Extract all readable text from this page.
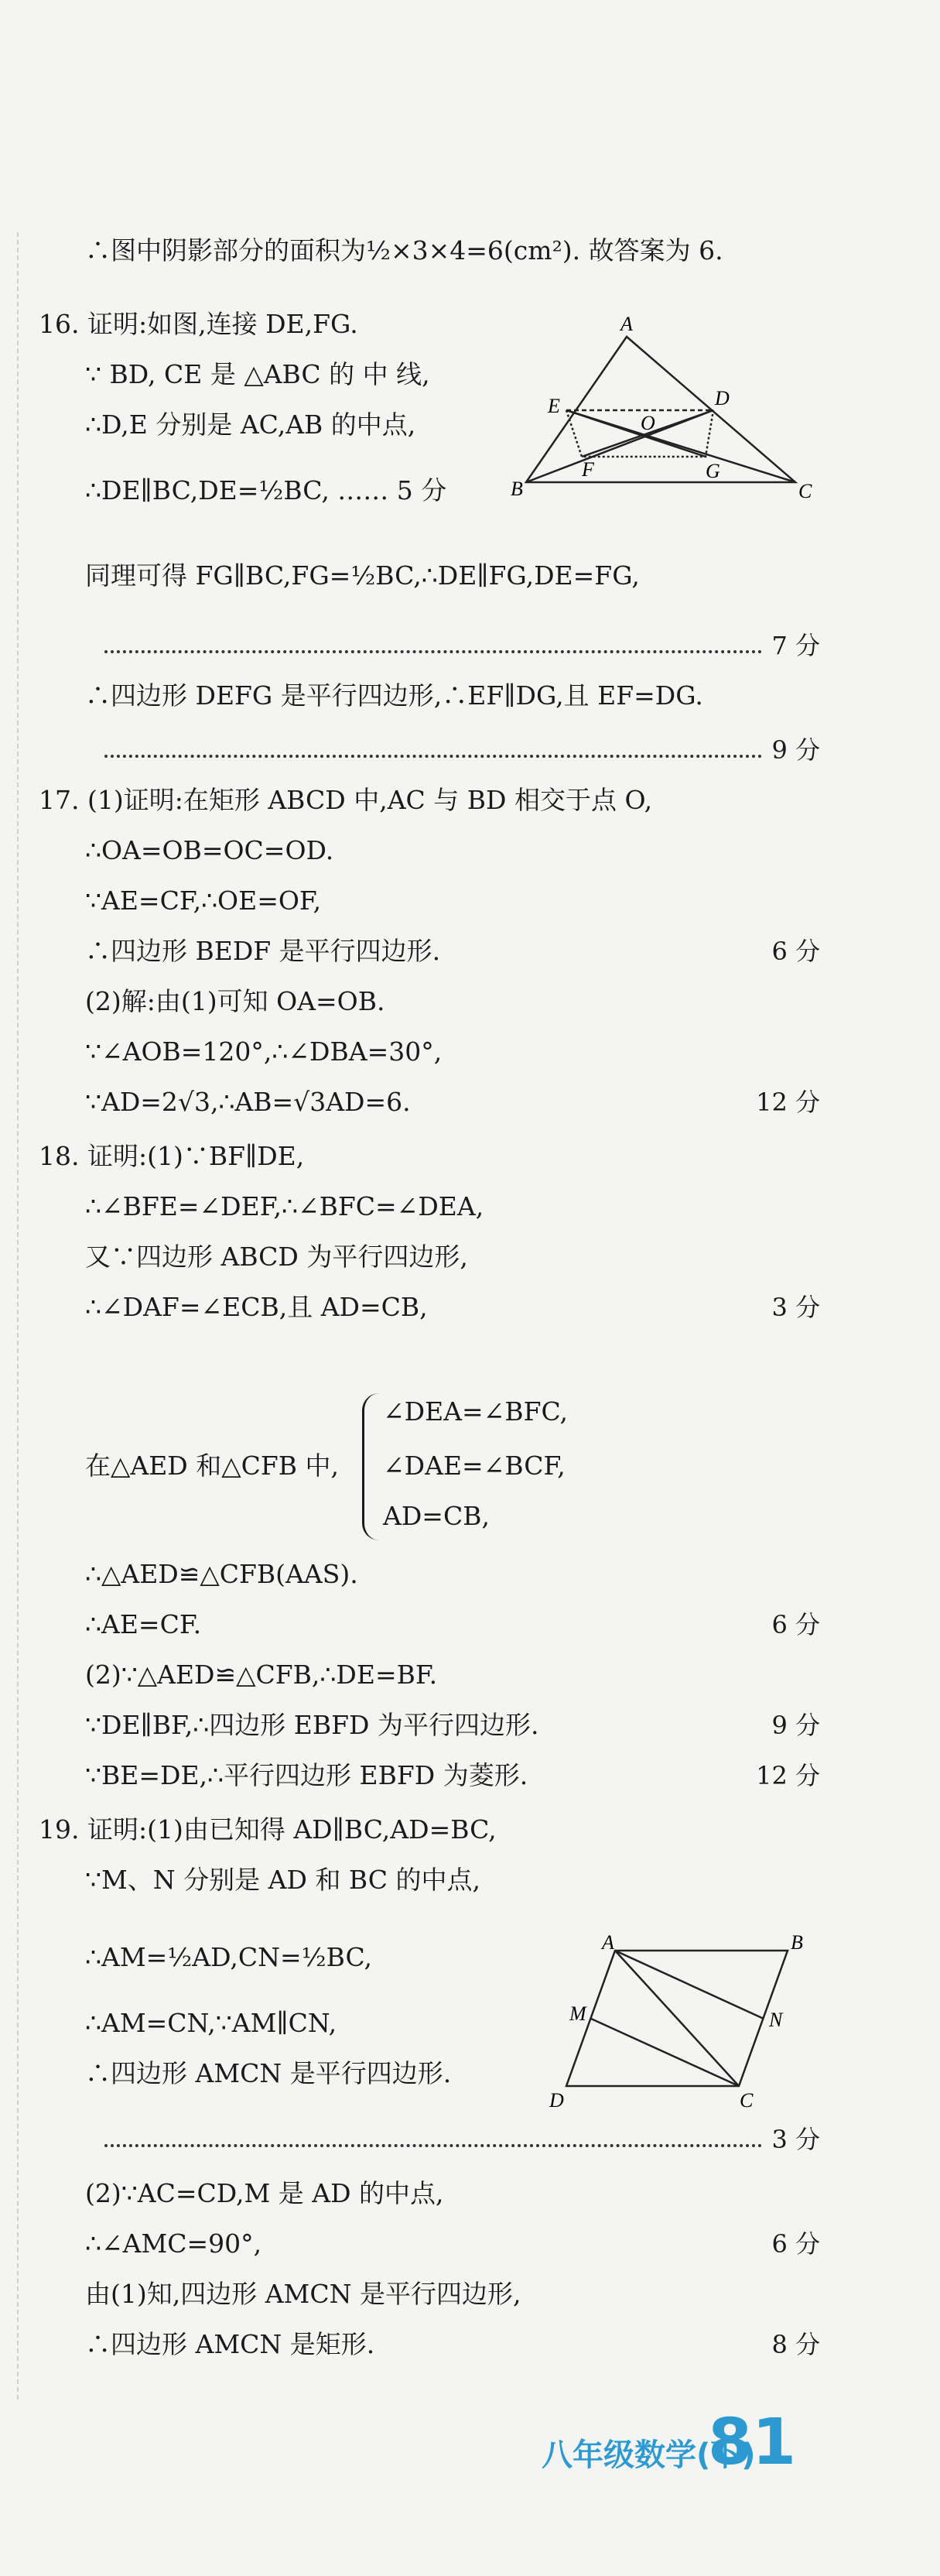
∴图中阴影部分的面积为½×3×4=6(cm²). 故答案为 6.
16. 证明:如图,连接 DE,FG.
∵ BD, CE 是 △ABC 的 中 线,
∴D,E 分别是 AC,AB 的中点,
∴DE∥BC,DE=½BC, …… 5 分
A
B	C
D
E
F	G
O
同理可得 FG∥BC,FG=½BC,∴DE∥FG,DE=FG,
7 分
∴四边形 DEFG 是平行四边形,∴EF∥DG,且 EF=DG.
9 分
17. (1)证明:在矩形 ABCD 中,AC 与 BD 相交于点 O,
∴OA=OB=OC=OD.
∵AE=CF,∴OE=OF,
∴四边形 BEDF 是平行四边形.	6 分
(2)解:由(1)可知 OA=OB.
∵∠AOB=120°,∴∠DBA=30°,
∵AD=2√3,∴AB=√3AD=6.	12 分
18. 证明:(1)∵BF∥DE,
∴∠BFE=∠DEF,∴∠BFC=∠DEA,
又∵四边形 ABCD 为平行四边形,
∴∠DAF=∠ECB,且 AD=CB,	3 分
在△AED 和△CFB 中,
∠DEA=∠BFC,
∠DAE=∠BCF,
AD=CB,
∴△AED≌△CFB(AAS).
∴AE=CF.	6 分
(2)∵△AED≌△CFB,∴DE=BF.
∵DE∥BF,∴四边形 EBFD 为平行四边形.	9 分
∵BE=DE,∴平行四边形 EBFD 为菱形.	12 分
19. 证明:(1)由已知得 AD∥BC,AD=BC,
∵M、N 分别是 AD 和 BC 的中点,
∴AM=½AD,CN=½BC,
∴AM=CN,∵AM∥CN,
∴四边形 AMCN 是平行四边形.
A	B
C
D
M	N
3 分
(2)∵AC=CD,M 是 AD 的中点,
∴∠AMC=90°,	6 分
由(1)知,四边形 AMCN 是平行四边形,
∴四边形 AMCN 是矩形.	8 分
八年级数学(下)
81
